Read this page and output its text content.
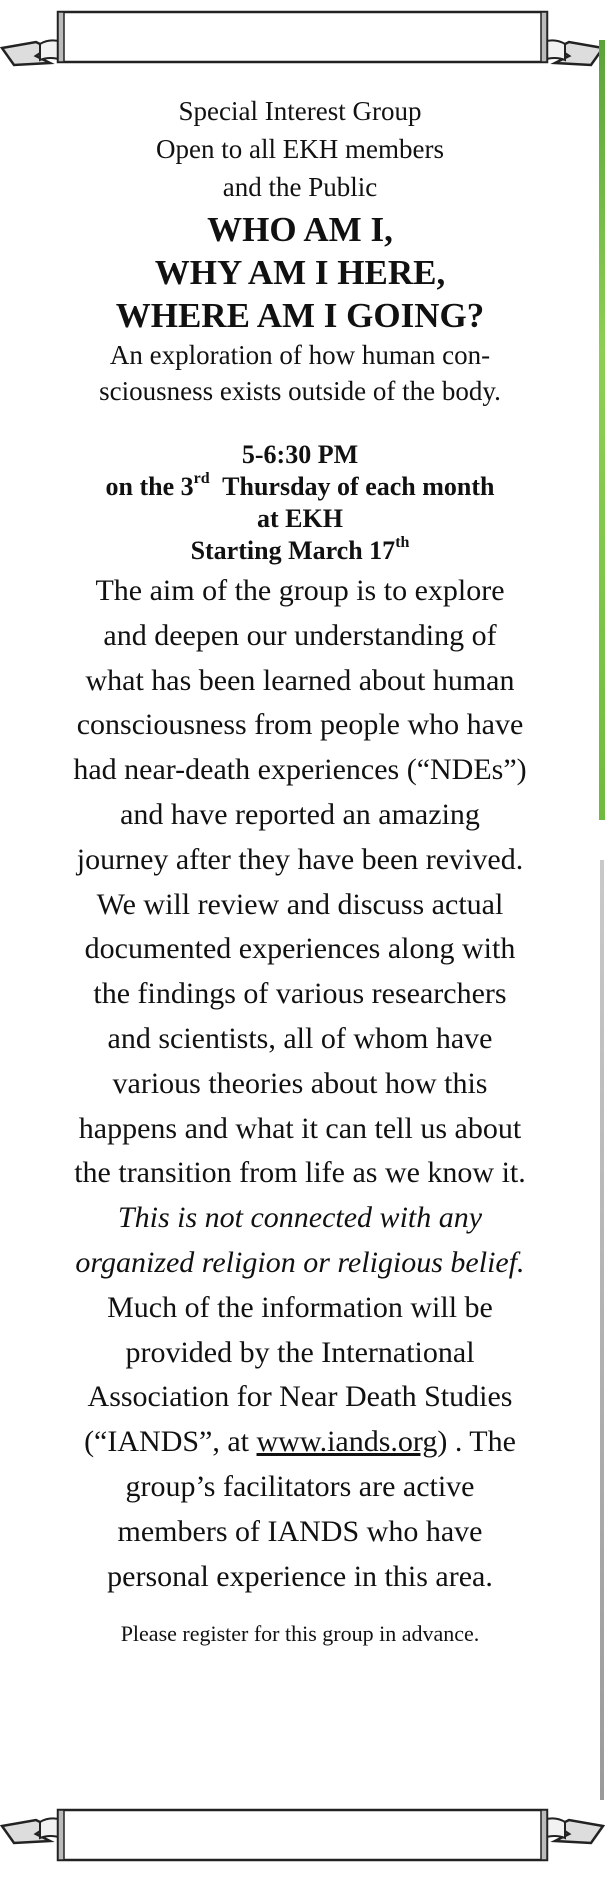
Special Interest Group
Open to all EKH members
and the Public
WHO AM I,
WHY AM I HERE,
WHERE AM I GOING?
An exploration of how human con-
sciousness exists outside of the body.
5-6:30 PM
on the 3rd Thursday of each month
at EKH
Starting March 17th
The aim of the group is to explore
and deepen our understanding of
what has been learned about human
consciousness from people who have
had near-death experiences (“NDEs”)
and have reported an amazing
journey after they have been revived.
We will review and discuss actual
documented experiences along with
the findings of various researchers
and scientists, all of whom have
various theories about how this
happens and what it can tell us about
the transition from life as we know it.
This is not connected with any
organized religion or religious belief.
Much of the information will be
provided by the International
Association for Near Death Studies
(“IANDS”, at www.iands.org) . The
group’s facilitators are active
members of IANDS who have
personal experience in this area.
Please register for this group in advance.
